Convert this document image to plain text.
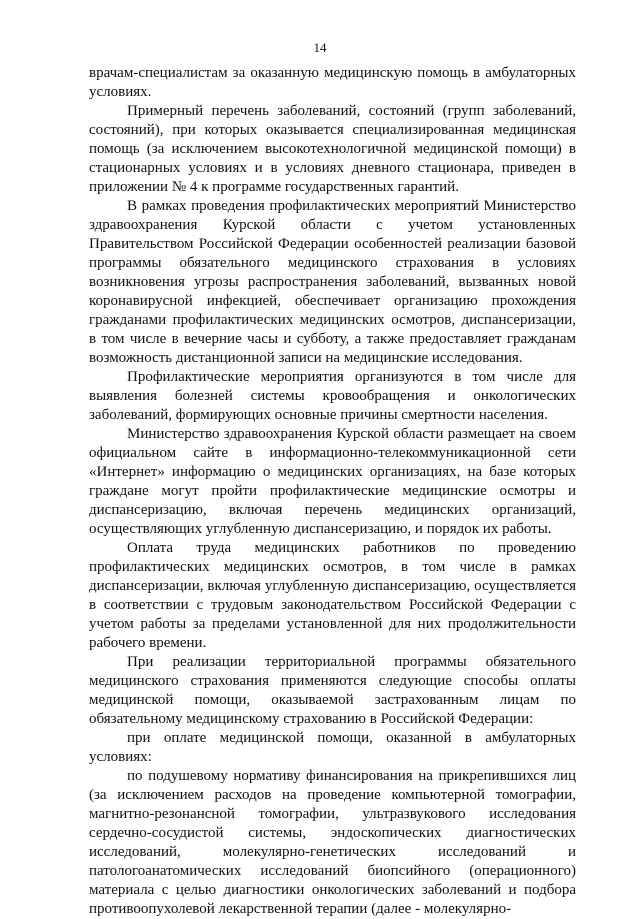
14

врачам-специалистам за оказанную медицинскую помощь в амбулаторных условиях.

Примерный перечень заболеваний, состояний (групп заболеваний, состояний), при которых оказывается специализированная медицинская помощь (за исключением высокотехнологичной медицинской помощи) в стационарных условиях и в условиях дневного стационара, приведен в приложении № 4 к программе государственных гарантий.

В рамках проведения профилактических мероприятий Министерство здравоохранения Курской области с учетом установленных Правительством Российской Федерации особенностей реализации базовой программы обязательного медицинского страхования в условиях возникновения угрозы распространения заболеваний, вызванных новой коронавирусной инфекцией, обеспечивает организацию прохождения гражданами профилактических медицинских осмотров, диспансеризации, в том числе в вечерние часы и субботу, а также предоставляет гражданам возможность дистанционной записи на медицинские исследования.

Профилактические мероприятия организуются в том числе для выявления болезней системы кровообращения и онкологических заболеваний, формирующих основные причины смертности населения.

Министерство здравоохранения Курской области размещает на своем официальном сайте в информационно-телекоммуникационной сети «Интернет» информацию о медицинских организациях, на базе которых граждане могут пройти профилактические медицинские осмотры и диспансеризацию, включая перечень медицинских организаций, осуществляющих углубленную диспансеризацию, и порядок их работы.

Оплата труда медицинских работников по проведению профилактических медицинских осмотров, в том числе в рамках диспансеризации, включая углубленную диспансеризацию, осуществляется в соответствии с трудовым законодательством Российской Федерации с учетом работы за пределами установленной для них продолжительности рабочего времени.

При реализации территориальной программы обязательного медицинского страхования применяются следующие способы оплаты медицинской помощи, оказываемой застрахованным лицам по обязательному медицинскому страхованию в Российской Федерации:

при оплате медицинской помощи, оказанной в амбулаторных условиях:

по подушевому нормативу финансирования на прикрепившихся лиц (за исключением расходов на проведение компьютерной томографии, магнитно-резонансной томографии, ультразвукового исследования сердечно-сосудистой системы, эндоскопических диагностических исследований, молекулярно-генетических исследований и патологоанатомических исследований биопсийного (операционного) материала с целью диагностики онкологических заболеваний и подбора противоопухолевой лекарственной терапии (далее - молекулярно-
